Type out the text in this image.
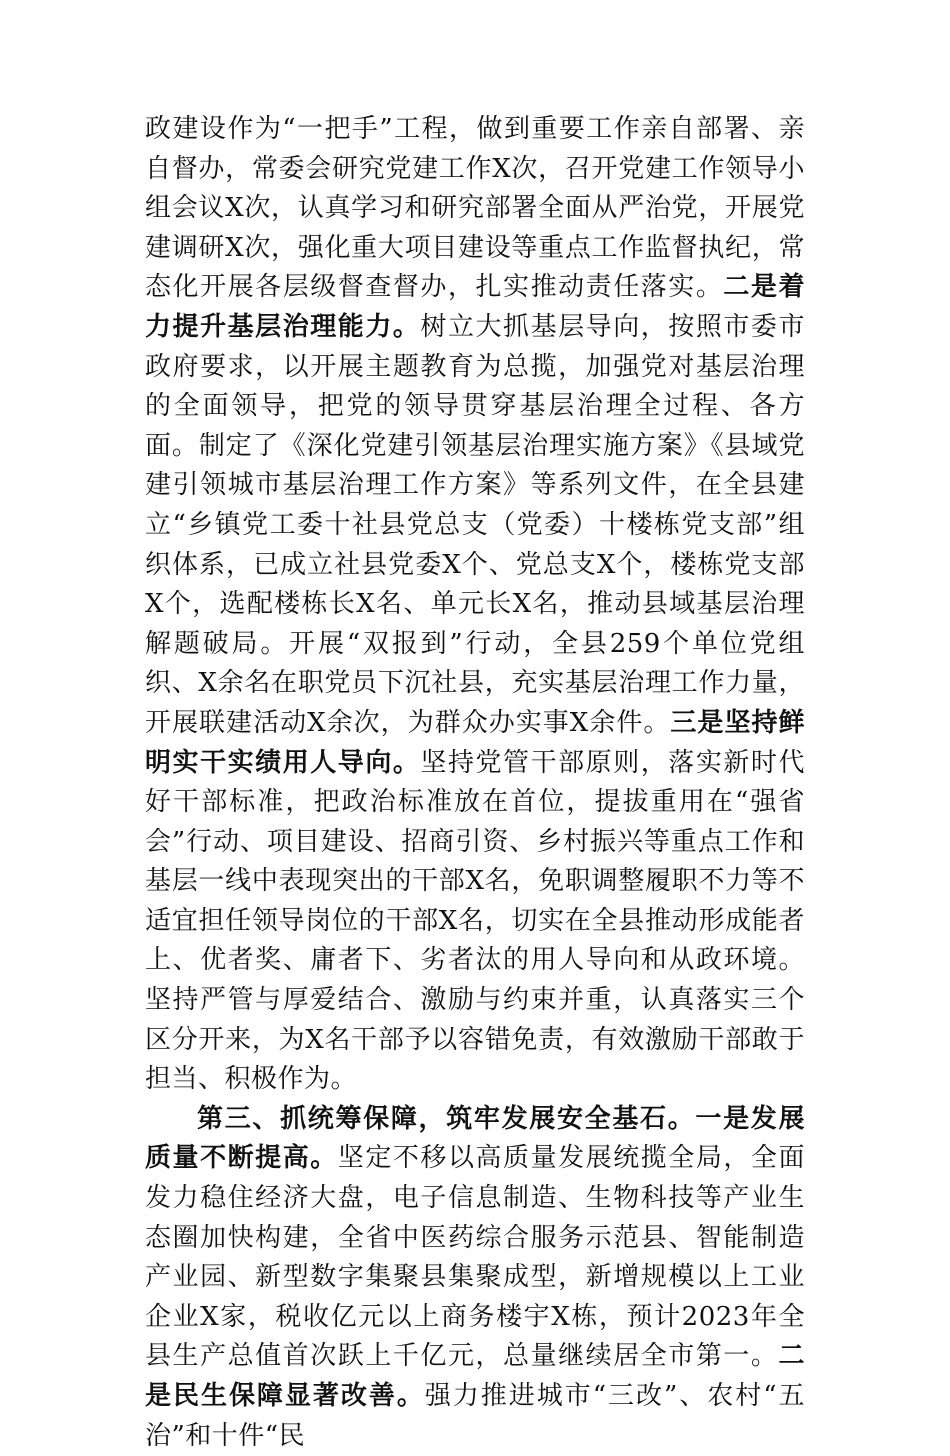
政建设作为“一把手”工程，做到重要工作亲自部署、亲自督办，常委会研究党建工作X次，召开党建工作领导小组会议X次，认真学习和研究部署全面从严治党，开展党建调研X次，强化重大项目建设等重点工作监督执纪，常态化开展各层级督查督办，扎实推动责任落实。二是着力提升基层治理能力。树立大抓基层导向，按照市委市政府要求，以开展主题教育为总揽，加强党对基层治理的全面领导，把党的领导贯穿基层治理全过程、各方面。制定了《深化党建引领基层治理实施方案》《县域党建引领城市基层治理工作方案》等系列文件，在全县建立“乡镇党工委十社县党总支（党委）十楼栋党支部”组织体系，已成立社县党委X个、党总支X个，楼栋党支部X个，选配楼栋长X名、单元长X名，推动县域基层治理解题破局。开展“双报到”行动，全县259个单位党组织、X余名在职党员下沉社县，充实基层治理工作力量，开展联建活动X余次，为群众办实事X余件。三是坚持鲜明实干实绩用人导向。坚持党管干部原则，落实新时代好干部标准，把政治标准放在首位，提拔重用在“强省会”行动、项目建设、招商引资、乡村振兴等重点工作和基层一线中表现突出的干部X名，免职调整履职不力等不适宜担任领导岗位的干部X名，切实在全县推动形成能者上、优者奖、庸者下、劣者汰的用人导向和从政环境。坚持严管与厚爱结合、激励与约束并重，认真落实三个区分开来，为X名干部予以容错免责，有效激励干部敢于担当、积极作为。

第三、抓统筹保障，筑牢发展安全基石。一是发展质量不断提高。坚定不移以高质量发展统揽全局，全面发力稳住经济大盘，电子信息制造、生物科技等产业生态圈加快构建，全省中医药综合服务示范县、智能制造产业园、新型数字集聚县集聚成型，新增规模以上工业企业X家，税收亿元以上商务楼宇X栋，预计2023年全县生产总值首次跃上千亿元，总量继续居全市第一。二是民生保障显著改善。强力推进城市“三改”、农村“五治”和十件“民
